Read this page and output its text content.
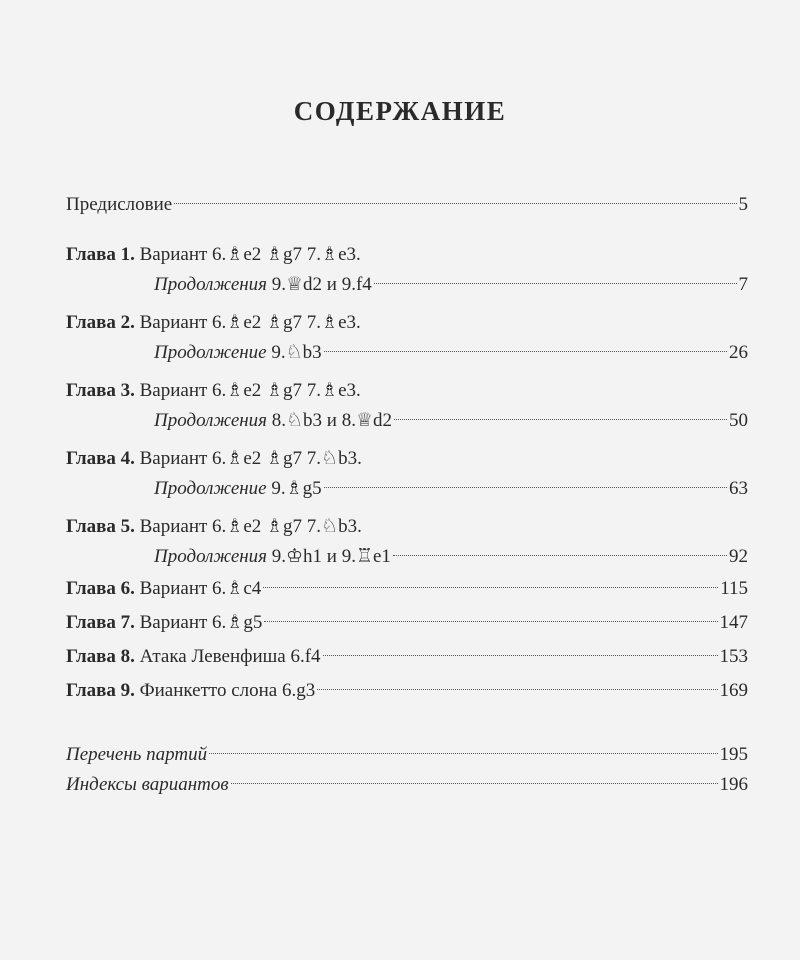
СОДЕРЖАНИЕ
Предисловие	5
Глава 1. Вариант 6.♗e2 ♗g7 7.♗e3.
Продолжения 9.♕d2 и 9.f4	7
Глава 2. Вариант 6.♗e2 ♗g7 7.♗e3.
Продолжение 9.♘b3	26
Глава 3. Вариант 6.♗e2 ♗g7 7.♗e3.
Продолжения 8.♘b3 и 8.♕d2	50
Глава 4. Вариант 6.♗e2 ♗g7 7.♘b3.
Продолжение 9.♗g5	63
Глава 5. Вариант 6.♗e2 ♗g7 7.♘b3.
Продолжения 9.♔h1 и 9.♖e1	92
Глава 6. Вариант 6.♗c4	115
Глава 7. Вариант 6.♗g5	147
Глава 8. Атака Левенфиша 6.f4	153
Глава 9. Фианкетто слона 6.g3	169
Перечень партий	195
Индексы вариантов	196
